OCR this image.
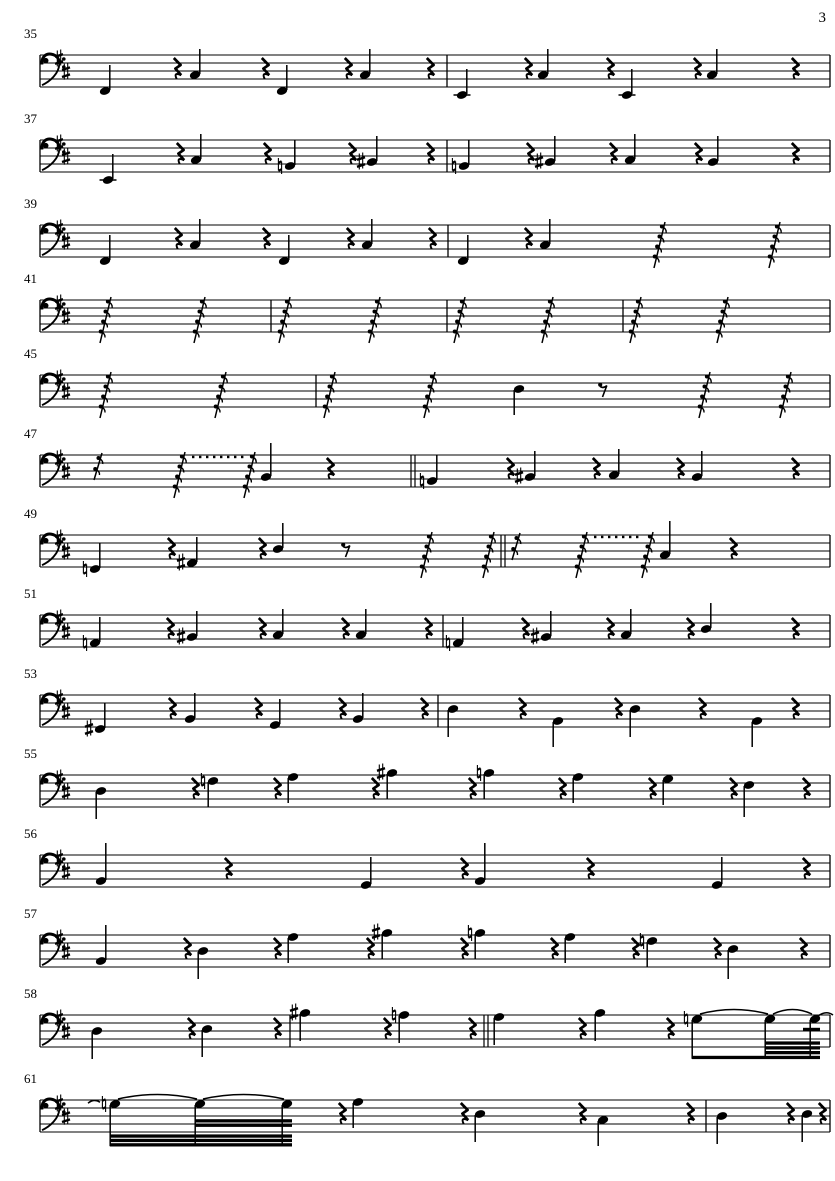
3
35
37
39
41
45
47
49
51
53
55
56
57
58
61
